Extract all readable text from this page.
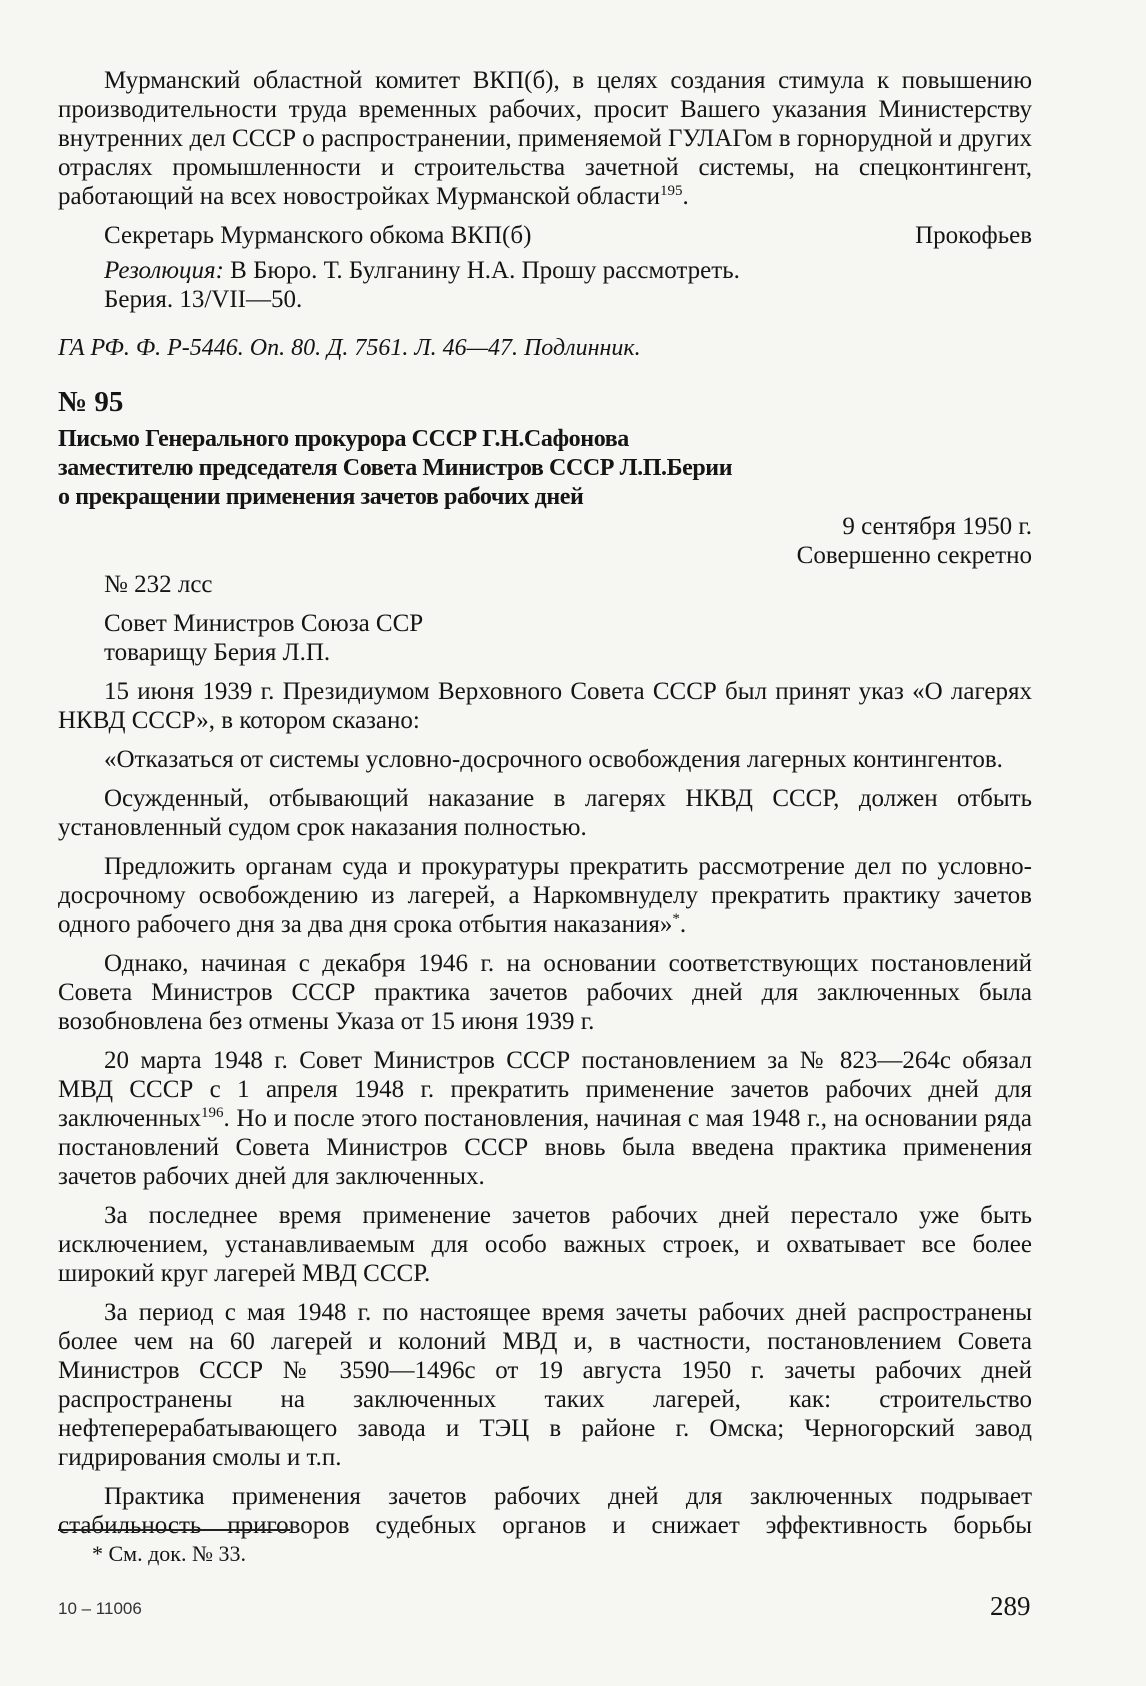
Мурманский областной комитет ВКП(б), в целях создания стимула к повышению производительности труда временных рабочих, просит Вашего указания Министерству внутренних дел СССР о распространении, применяемой ГУЛАГом в горнорудной и других отраслях промышленности и строительства зачетной системы, на спецконтингент, работающий на всех новостройках Мурманской области$^{195}$.

Секретарь Мурманского обкома ВКП(б)	Прокофьев

Резолюция: В Бюро. Т. Булганину Н.А. Прошу рассмотреть.

Берия. 13/VII—50.

ГА РФ. Ф. Р-5446. Оп. 80. Д. 7561. Л. 46—47. Подлинник.

№ 95
Письмо Генерального прокурора СССР Г.Н.Сафонова
заместителю председателя Совета Министров СССР Л.П.Берии
о прекращении применения зачетов рабочих дней

9 сентября 1950 г.

Совершенно секретно

№ 232 лсс

Совет Министров Союза ССР

товарищу Берия Л.П.

15 июня 1939 г. Президиумом Верховного Совета СССР был принят указ «О лагерях НКВД СССР», в котором сказано:

«Отказаться от системы условно-досрочного освобождения лагерных контингентов.

Осужденный, отбывающий наказание в лагерях НКВД СССР, должен отбыть установленный судом срок наказания полностью.

Предложить органам суда и прокуратуры прекратить рассмотрение дел по условно-досрочному освобождению из лагерей, а Наркомвнуделу прекратить практику зачетов одного рабочего дня за два дня срока отбытия наказания»*.

Однако, начиная с декабря 1946 г. на основании соответствующих постановлений Совета Министров СССР практика зачетов рабочих дней для заключенных была возобновлена без отмены Указа от 15 июня 1939 г.

20 марта 1948 г. Совет Министров СССР постановлением за № 823—264с обязал МВД СССР с 1 апреля 1948 г. прекратить применение зачетов рабочих дней для заключенных$^{196}$. Но и после этого постановления, начиная с мая 1948 г., на основании ряда постановлений Совета Министров СССР вновь была введена практика применения зачетов рабочих дней для заключенных.

За последнее время применение зачетов рабочих дней перестало уже быть исключением, устанавливаемым для особо важных строек, и охватывает все более широкий круг лагерей МВД СССР.

За период с мая 1948 г. по настоящее время зачеты рабочих дней распространены более чем на 60 лагерей и колоний МВД и, в частности, постановлением Совета Министров СССР № 3590—1496с от 19 августа 1950 г. зачеты рабочих дней распространены на заключенных таких лагерей, как: строительство нефтеперерабатывающего завода и ТЭЦ в районе г. Омска; Черногорский завод гидрирования смолы и т.п.

Практика применения зачетов рабочих дней для заключенных подрывает стабильность приговоров судебных органов и снижает эффективность борьбы

* См. док. № 33.
10 – 11006	289
